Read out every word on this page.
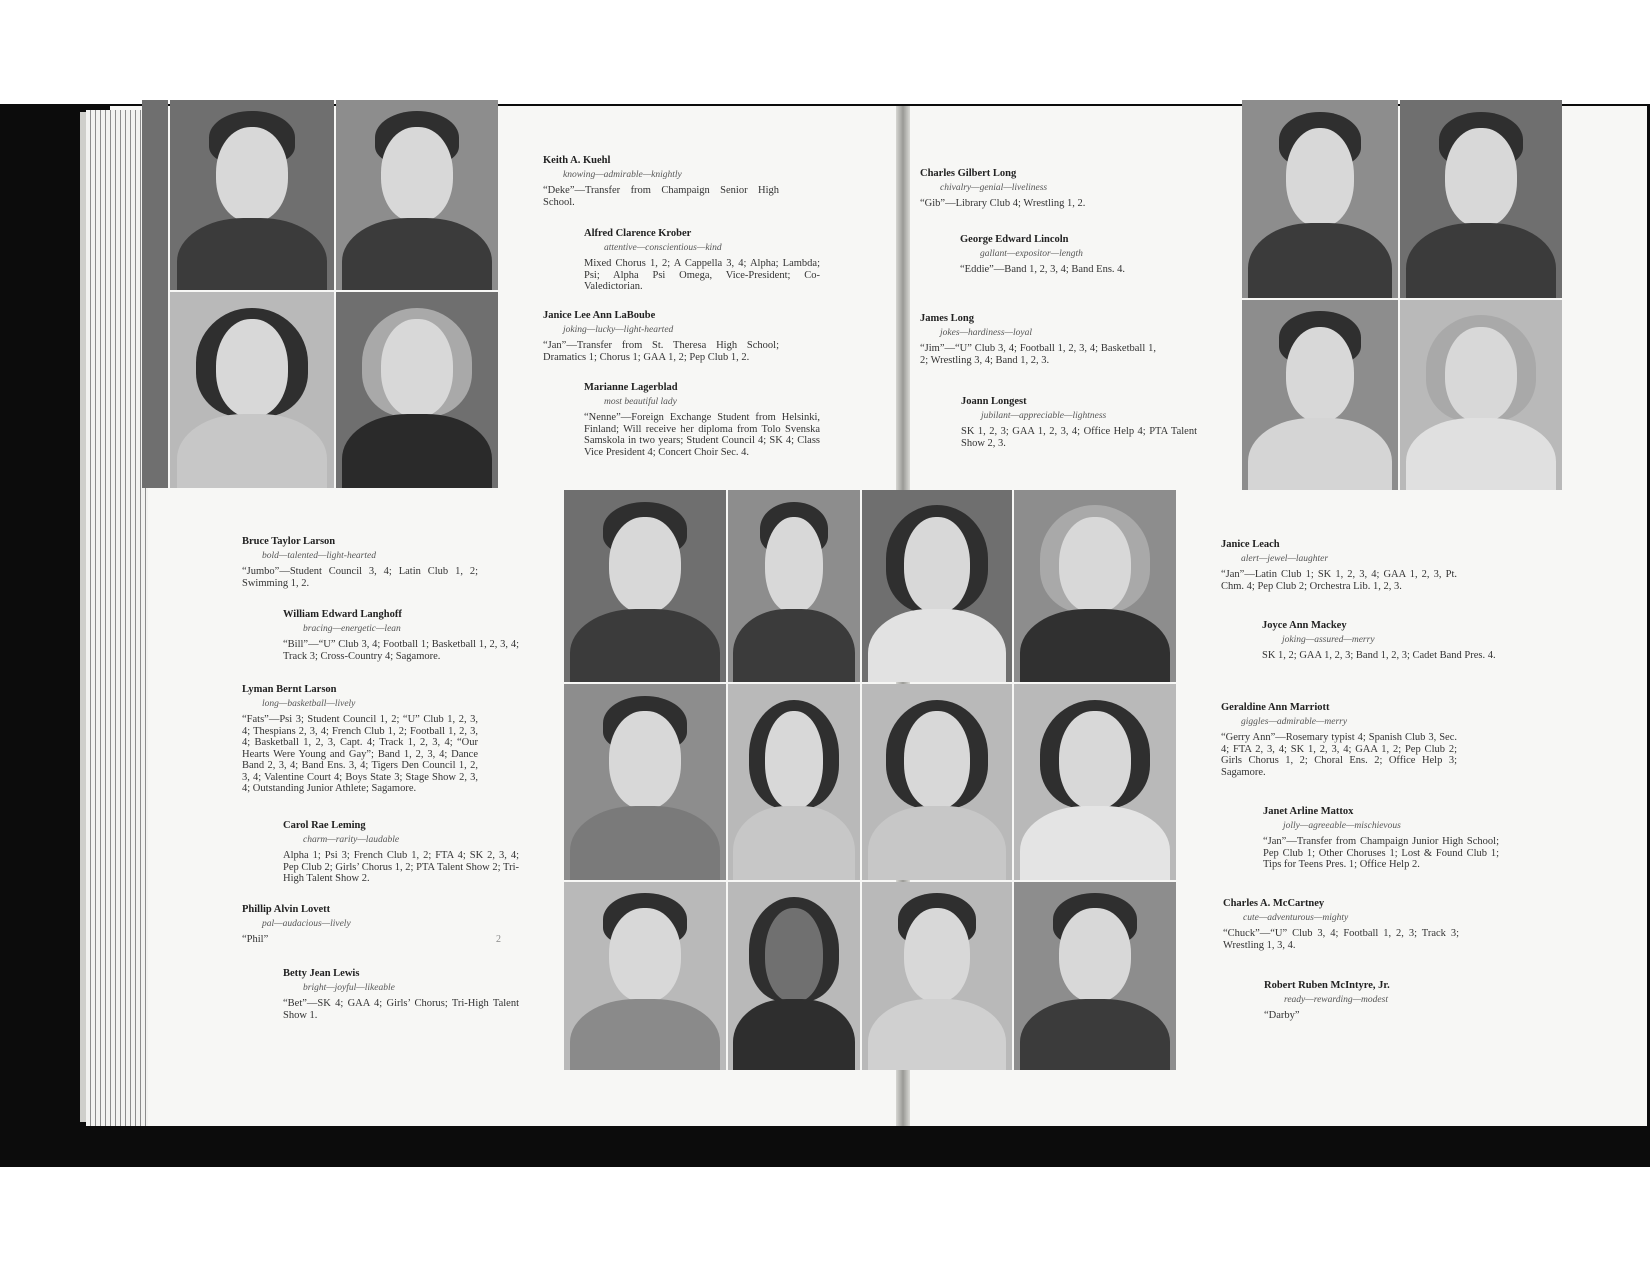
Keith A. Kuehl
knowing—admirable—knightly
“Deke”—Transfer from Champaign Senior High School.
Alfred Clarence Krober
attentive—conscientious—kind
Mixed Chorus 1, 2; A Cappella 3, 4; Alpha; Lambda; Psi; Alpha Psi Omega, Vice-President; Co-Valedictorian.
Janice Lee Ann LaBoube
joking—lucky—light-hearted
“Jan”—Transfer from St. Theresa High School; Dramatics 1; Chorus 1; GAA 1, 2; Pep Club 1, 2.
Marianne Lagerblad
most beautiful lady
“Nenne”—Foreign Exchange Student from Helsinki, Finland; Will receive her diploma from Tolo Svenska Samskola in two years; Student Council 4; SK 4; Class Vice President 4; Concert Choir Sec. 4.
Bruce Taylor Larson
bold—talented—light-hearted
“Jumbo”—Student Council 3, 4; Latin Club 1, 2; Swimming 1, 2.
William Edward Langhoff
bracing—energetic—lean
“Bill”—“U” Club 3, 4; Football 1; Basketball 1, 2, 3, 4; Track 3; Cross-Country 4; Sagamore.
Lyman Bernt Larson
long—basketball—lively
“Fats”—Psi 3; Student Council 1, 2; “U” Club 1, 2, 3, 4; Thespians 2, 3, 4; French Club 1, 2; Football 1, 2, 3, 4; Basketball 1, 2, 3, Capt. 4; Track 1, 2, 3, 4; “Our Hearts Were Young and Gay”; Band 1, 2, 3, 4; Dance Band 2, 3, 4; Band Ens. 3, 4; Tigers Den Council 1, 2, 3, 4; Valentine Court 4; Boys State 3; Stage Show 2, 3, 4; Outstanding Junior Athlete; Sagamore.
Carol Rae Leming
charm—rarity—laudable
Alpha 1; Psi 3; French Club 1, 2; FTA 4; SK 2, 3, 4; Pep Club 2; Girls’ Chorus 1, 2; PTA Talent Show 2; Tri-High Talent Show 2.
Phillip Alvin Lovett
pal—audacious—lively
“Phil”	2
Betty Jean Lewis
bright—joyful—likeable
“Bet”—SK 4; GAA 4; Girls’ Chorus; Tri-High Talent Show 1.
Charles Gilbert Long
chivalry—genial—liveliness
“Gib”—Library Club 4; Wrestling 1, 2.
George Edward Lincoln
gallant—expositor—length
“Eddie”—Band 1, 2, 3, 4; Band Ens. 4.
James Long
jokes—hardiness—loyal
“Jim”—“U” Club 3, 4; Football 1, 2, 3, 4; Basketball 1, 2; Wrestling 3, 4; Band 1, 2, 3.
Joann Longest
jubilant—appreciable—lightness
SK 1, 2, 3; GAA 1, 2, 3, 4; Office Help 4; PTA Talent Show 2, 3.
Janice Leach
alert—jewel—laughter
“Jan”—Latin Club 1; SK 1, 2, 3, 4; GAA 1, 2, 3, Pt. Chm. 4; Pep Club 2; Orchestra Lib. 1, 2, 3.
Joyce Ann Mackey
joking—assured—merry
SK 1, 2; GAA 1, 2, 3; Band 1, 2, 3; Cadet Band Pres. 4.
Geraldine Ann Marriott
giggles—admirable—merry
“Gerry Ann”—Rosemary typist 4; Spanish Club 3, Sec. 4; FTA 2, 3, 4; SK 1, 2, 3, 4; GAA 1, 2; Pep Club 2; Girls Chorus 1, 2; Choral Ens. 2; Office Help 3; Sagamore.
Janet Arline Mattox
jolly—agreeable—mischievous
“Jan”—Transfer from Champaign Junior High School; Pep Club 1; Other Choruses 1; Lost & Found Club 1; Tips for Teens Pres. 1; Office Help 2.
Charles A. McCartney
cute—adventurous—mighty
“Chuck”—“U” Club 3, 4; Football 1, 2, 3; Track 3; Wrestling 1, 3, 4.
Robert Ruben McIntyre, Jr.
ready—rewarding—modest
“Darby”
